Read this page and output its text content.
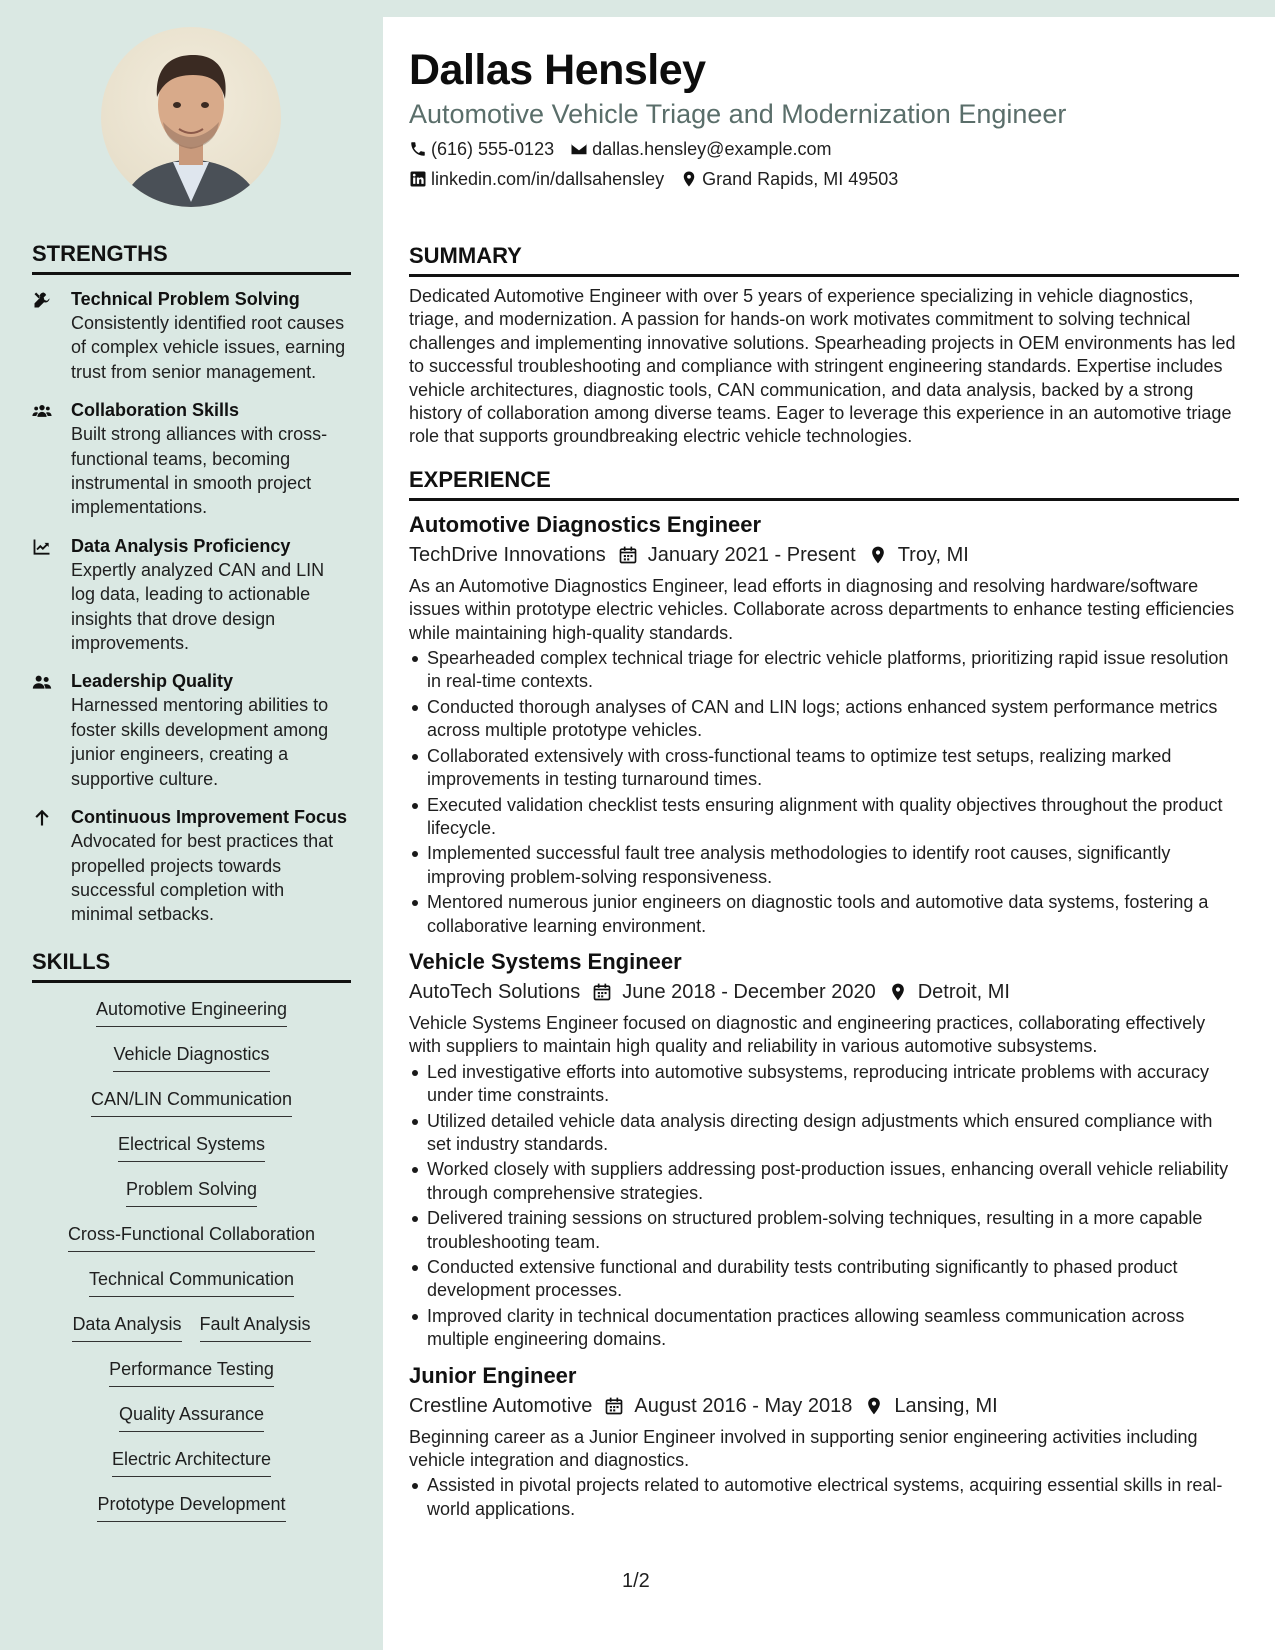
STRENGTHS
Technical Problem Solving
Consistently identified root causes of complex vehicle issues, earning trust from senior management.
Collaboration Skills
Built strong alliances with cross-functional teams, becoming instrumental in smooth project implementations.
Data Analysis Proficiency
Expertly analyzed CAN and LIN log data, leading to actionable insights that drove design improvements.
Leadership Quality
Harnessed mentoring abilities to foster skills development among junior engineers, creating a supportive culture.
Continuous Improvement Focus
Advocated for best practices that propelled projects towards successful completion with minimal setbacks.
SKILLS
Automotive Engineering
Vehicle Diagnostics
CAN/LIN Communication
Electrical Systems
Problem Solving
Cross-Functional Collaboration
Technical Communication
Data Analysis Fault Analysis
Performance Testing
Quality Assurance
Electric Architecture
Prototype Development
Dallas Hensley
Automotive Vehicle Triage and Modernization Engineer
(616) 555-0123 dallas.hensley@example.com
linkedin.com/in/dallsahensley Grand Rapids, MI 49503
SUMMARY

Dedicated Automotive Engineer with over 5 years of experience specializing in vehicle diagnostics, triage, and modernization. A passion for hands-on work motivates commitment to solving technical challenges and implementing innovative solutions. Spearheading projects in OEM environments has led to successful troubleshooting and compliance with stringent engineering standards. Expertise includes vehicle architectures, diagnostic tools, CAN communication, and data analysis, backed by a strong history of collaboration among diverse teams. Eager to leverage this experience in an automotive triage role that supports groundbreaking electric vehicle technologies.

EXPERIENCE
Automotive Diagnostics Engineer
TechDrive Innovations January 2021 - Present Troy, MI
As an Automotive Diagnostics Engineer, lead efforts in diagnosing and resolving hardware/software issues within prototype electric vehicles. Collaborate across departments to enhance testing efficiencies while maintaining high-quality standards.
Spearheaded complex technical triage for electric vehicle platforms, prioritizing rapid issue resolution in real-time contexts.
Conducted thorough analyses of CAN and LIN logs; actions enhanced system performance metrics across multiple prototype vehicles.
Collaborated extensively with cross-functional teams to optimize test setups, realizing marked improvements in testing turnaround times.
Executed validation checklist tests ensuring alignment with quality objectives throughout the product lifecycle.
Implemented successful fault tree analysis methodologies to identify root causes, significantly improving problem-solving responsiveness.
Mentored numerous junior engineers on diagnostic tools and automotive data systems, fostering a collaborative learning environment.
Vehicle Systems Engineer
AutoTech Solutions June 2018 - December 2020 Detroit, MI
Vehicle Systems Engineer focused on diagnostic and engineering practices, collaborating effectively with suppliers to maintain high quality and reliability in various automotive subsystems.
Led investigative efforts into automotive subsystems, reproducing intricate problems with accuracy under time constraints.
Utilized detailed vehicle data analysis directing design adjustments which ensured compliance with set industry standards.
Worked closely with suppliers addressing post-production issues, enhancing overall vehicle reliability through comprehensive strategies.
Delivered training sessions on structured problem-solving techniques, resulting in a more capable troubleshooting team.
Conducted extensive functional and durability tests contributing significantly to phased product development processes.
Improved clarity in technical documentation practices allowing seamless communication across multiple engineering domains.
Junior Engineer
Crestline Automotive August 2016 - May 2018 Lansing, MI
Beginning career as a Junior Engineer involved in supporting senior engineering activities including vehicle integration and diagnostics.
Assisted in pivotal projects related to automotive electrical systems, acquiring essential skills in real-world applications.
1/2
